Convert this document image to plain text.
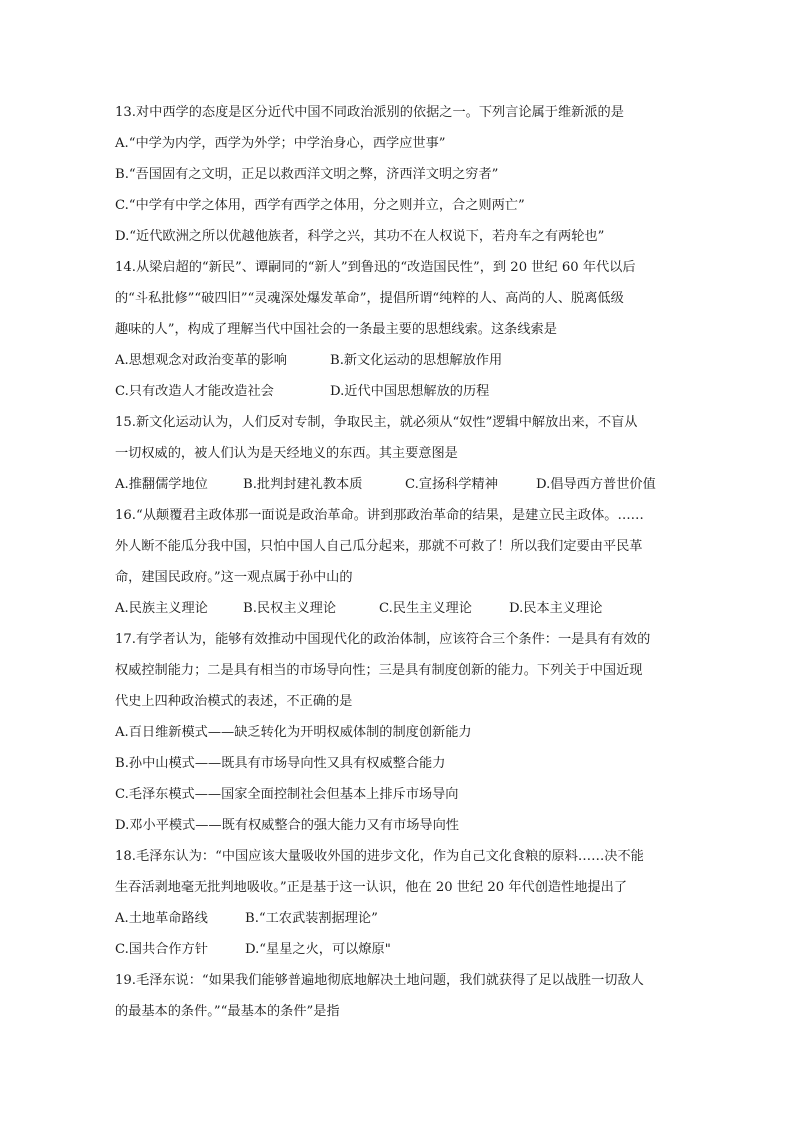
13.对中西学的态度是区分近代中国不同政治派别的依据之一。下列言论属于维新派的是
A.“中学为内学，西学为外学；中学治身心，西学应世事”
B.“吾国固有之文明，正足以救西洋文明之弊，济西洋文明之穷者”
C.“中学有中学之体用，西学有西学之体用，分之则并立，合之则两亡”
D.“近代欧洲之所以优越他族者，科学之兴，其功不在人权说下，若舟车之有两轮也”
14.从梁启超的“新民”、谭嗣同的“新人”到鲁迅的“改造国民性”，到 20 世纪 60 年代以后
的“斗私批修”“破四旧”“灵魂深处爆发革命”，提倡所谓“纯粹的人、高尚的人、脱离低级
趣味的人”，构成了理解当代中国社会的一条最主要的思想线索。这条线索是
A.思想观念对政治变革的影响	B.新文化运动的思想解放作用
C.只有改造人才能改造社会	D.近代中国思想解放的历程
15.新文化运动认为，人们反对专制，争取民主，就必须从“奴性”逻辑中解放出来，不盲从
一切权威的，被人们认为是天经地义的东西。其主要意图是
A.推翻儒学地位	B.批判封建礼教本质	C.宣扬科学精神	D.倡导西方普世价值
16.“从颠覆君主政体那一面说是政治革命。讲到那政治革命的结果，是建立民主政体。……
外人断不能瓜分我中国，只怕中国人自己瓜分起来，那就不可救了！所以我们定要由平民革
命，建国民政府。”这一观点属于孙中山的
A.民族主义理论	B.民权主义理论	C.民生主义理论	D.民本主义理论
17.有学者认为，能够有效推动中国现代化的政治体制，应该符合三个条件：一是具有有效的
权威控制能力；二是具有相当的市场导向性；三是具有制度创新的能力。下列关于中国近现
代史上四种政治模式的表述，不正确的是
A.百日维新模式——缺乏转化为开明权威体制的制度创新能力
B.孙中山模式——既具有市场导向性又具有权威整合能力
C.毛泽东模式——国家全面控制社会但基本上排斥市场导向
D.邓小平模式——既有权威整合的强大能力又有市场导向性
18.毛泽东认为：“中国应该大量吸收外国的进步文化，作为自己文化食粮的原料……决不能
生吞活剥地毫无批判地吸收。”正是基于这一认识，他在 20 世纪 20 年代创造性地提出了
A.土地革命路线	B.“工农武装割据理论”
C.国共合作方针	D.“星星之火，可以燎原"
19.毛泽东说：“如果我们能够普遍地彻底地解决土地问题，我们就获得了足以战胜一切敌人
的最基本的条件。”“最基本的条件”是指
